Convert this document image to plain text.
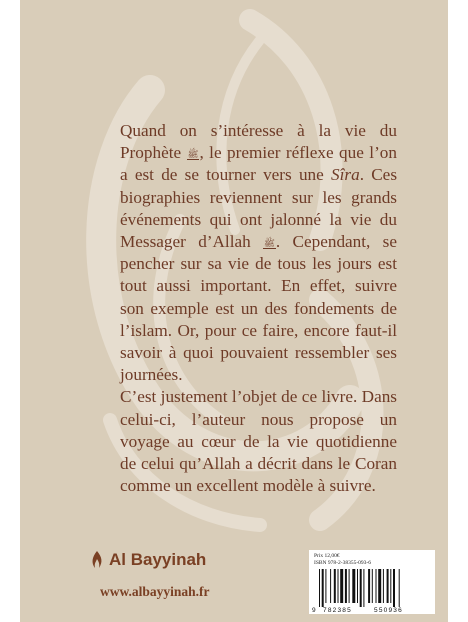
Quand on s’intéresse à la vie du Prophète ﷺ, le premier réflexe que l’on a est de se tourner vers une Sîra. Ces biographies reviennent sur les grands événements qui ont jalonné la vie du Messager d’Allah ﷺ. Cependant, se pencher sur sa vie de tous les jours est tout aussi important. En effet, suivre son exemple est un des fondements de l’islam. Or, pour ce faire, encore faut-il savoir à quoi pouvaient ressembler ses journées.

C’est justement l’objet de ce livre. Dans celui-ci, l’auteur nous propose un voyage au cœur de la vie quotidienne de celui qu’Allah a décrit dans le Coran comme un excellent modèle à suivre.

Al Bayyinah
www.albayyinah.fr
Prix 12,00€
ISBN 978-2-38355-093-6
9 782385	550936
